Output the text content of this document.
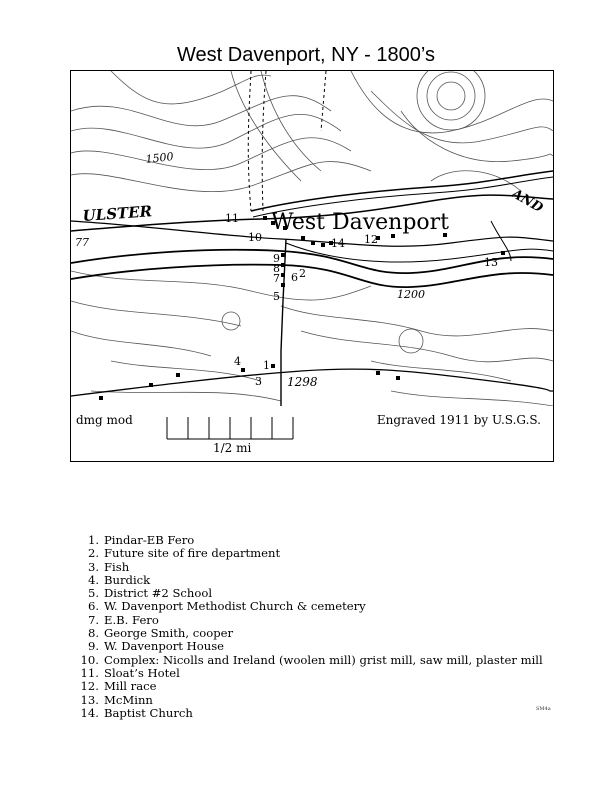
West Davenport, NY - 1800’s
West Davenport
ULSTER	AND
1500
1200
1298
77
1
2
3
4
5
6
7
8
9
10
11
12
13
14
dmg mod	Engraved 1911 by U.S.G.S.
1/2 mi
1. Pindar-EB Fero
2. Future site of fire department
3. Fish
4. Burdick
5. District #2 School
6. W. Davenport Methodist Church & cemetery
7. E.B. Fero
8. George Smith, cooper
9. W. Davenport House
10. Complex: Nicolls and Ireland (woolen mill) grist mill, saw mill, plaster mill
11. Sloat’s Hotel
12. Mill race
13. McMinn
14. Baptist Church	SM4a
